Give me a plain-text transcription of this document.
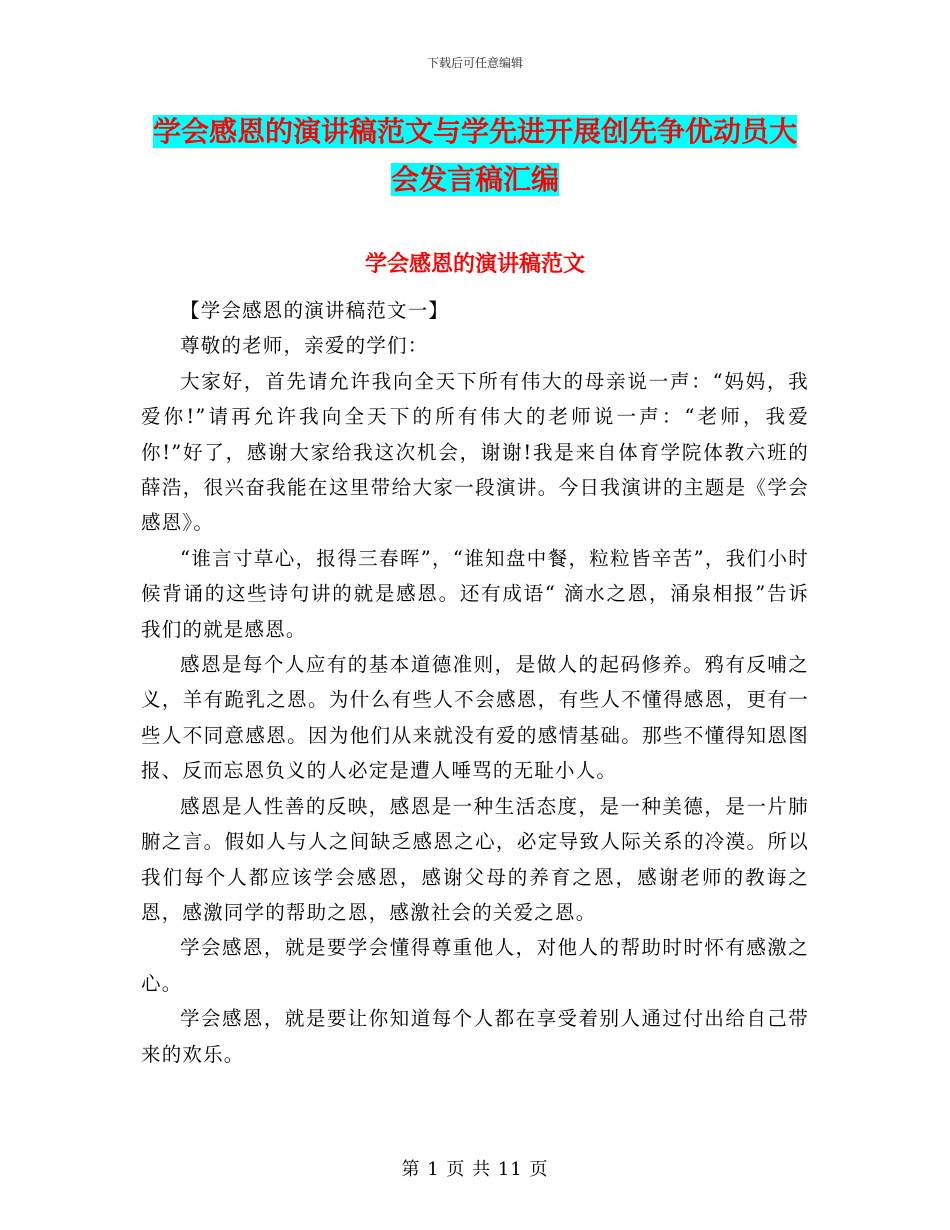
下载后可任意编辑
学会感恩的演讲稿范文与学先进开展创先争优动员大
会发言稿汇编
学会感恩的演讲稿范文

【学会感恩的演讲稿范文一】

尊敬的老师，亲爱的学们：

大家好，首先请允许我向全天下所有伟大的母亲说一声：“妈妈，我爱你!”请再允许我向全天下的所有伟大的老师说一声：“老师，我爱你!”好了，感谢大家给我这次机会，谢谢!我是来自体育学院体教六班的薛浩，很兴奋我能在这里带给大家一段演讲。今日我演讲的主题是《学会感恩》。

“谁言寸草心，报得三春晖”，“谁知盘中餐，粒粒皆辛苦”，我们小时候背诵的这些诗句讲的就是感恩。还有成语“ 滴水之恩，涌泉相报”告诉我们的就是感恩。

感恩是每个人应有的基本道德准则，是做人的起码修养。鸦有反哺之义，羊有跪乳之恩。为什么有些人不会感恩，有些人不懂得感恩，更有一些人不同意感恩。因为他们从来就没有爱的感情基础。那些不懂得知恩图报、反而忘恩负义的人必定是遭人唾骂的无耻小人。

感恩是人性善的反映，感恩是一种生活态度，是一种美德，是一片肺腑之言。假如人与人之间缺乏感恩之心，必定导致人际关系的冷漠。所以我们每个人都应该学会感恩，感谢父母的养育之恩，感谢老师的教诲之恩，感激同学的帮助之恩，感激社会的关爱之恩。

学会感恩，就是要学会懂得尊重他人，对他人的帮助时时怀有感激之心。

学会感恩，就是要让你知道每个人都在享受着别人通过付出给自己带来的欢乐。

第 1 页 共 11 页
